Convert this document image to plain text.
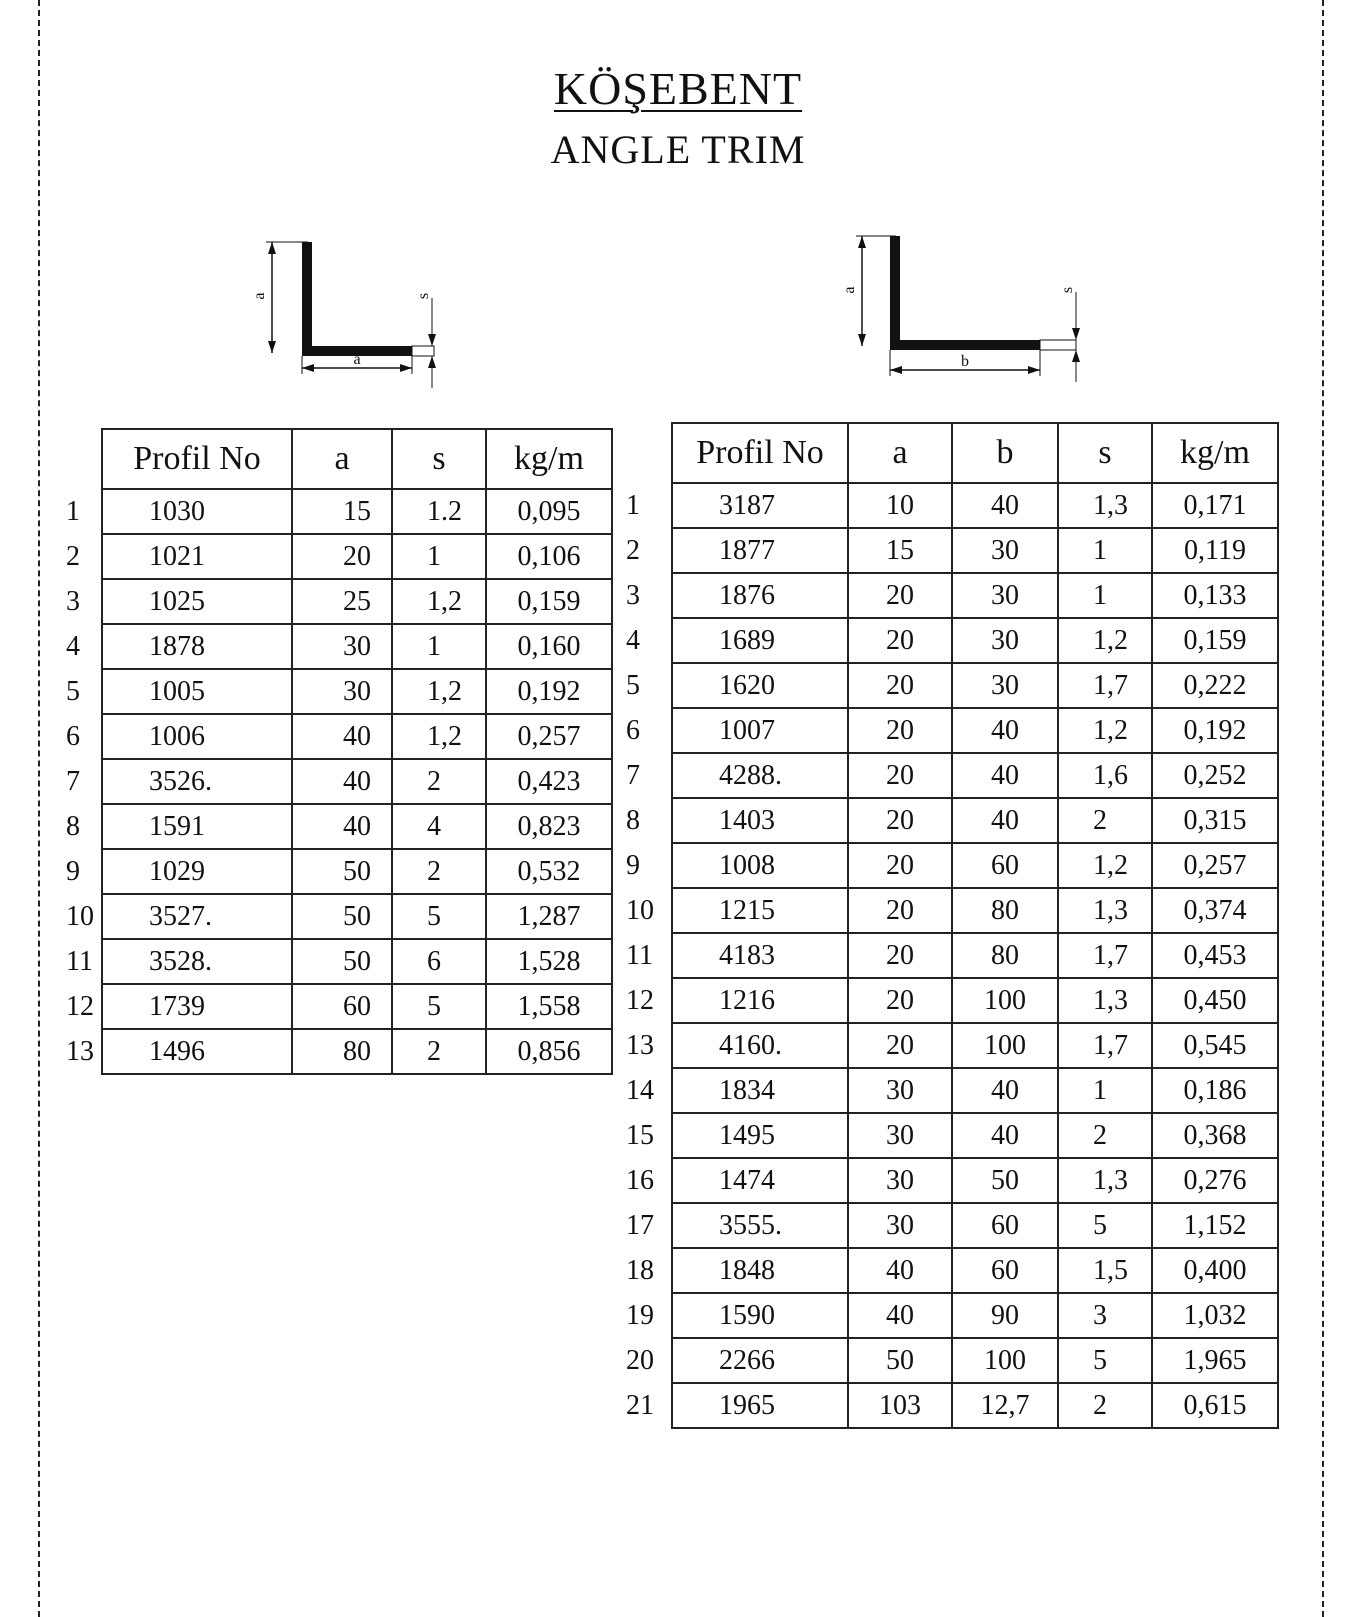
KÖŞEBENT
ANGLE TRIM
a	s
a
a	s
b
	Profil No	a	s	kg/m
1	1030	15	1.2	0,095
2	1021	20	1	0,106
3	1025	25	1,2	0,159
4	1878	30	1	0,160
5	1005	30	1,2	0,192
6	1006	40	1,2	0,257
7	3526.	40	2	0,423
8	1591	40	4	0,823
9	1029	50	2	0,532
10	3527.	50	5	1,287
11	3528.	50	6	1,528
12	1739	60	5	1,558
13	1496	80	2	0,856
	Profil No	a	b	s	kg/m
1	3187	10	40	1,3	0,171
2	1877	15	30	1	0,119
3	1876	20	30	1	0,133
4	1689	20	30	1,2	0,159
5	1620	20	30	1,7	0,222
6	1007	20	40	1,2	0,192
7	4288.	20	40	1,6	0,252
8	1403	20	40	2	0,315
9	1008	20	60	1,2	0,257
10	1215	20	80	1,3	0,374
11	4183	20	80	1,7	0,453
12	1216	20	100	1,3	0,450
13	4160.	20	100	1,7	0,545
14	1834	30	40	1	0,186
15	1495	30	40	2	0,368
16	1474	30	50	1,3	0,276
17	3555.	30	60	5	1,152
18	1848	40	60	1,5	0,400
19	1590	40	90	3	1,032
20	2266	50	100	5	1,965
21	1965	103	12,7	2	0,615
